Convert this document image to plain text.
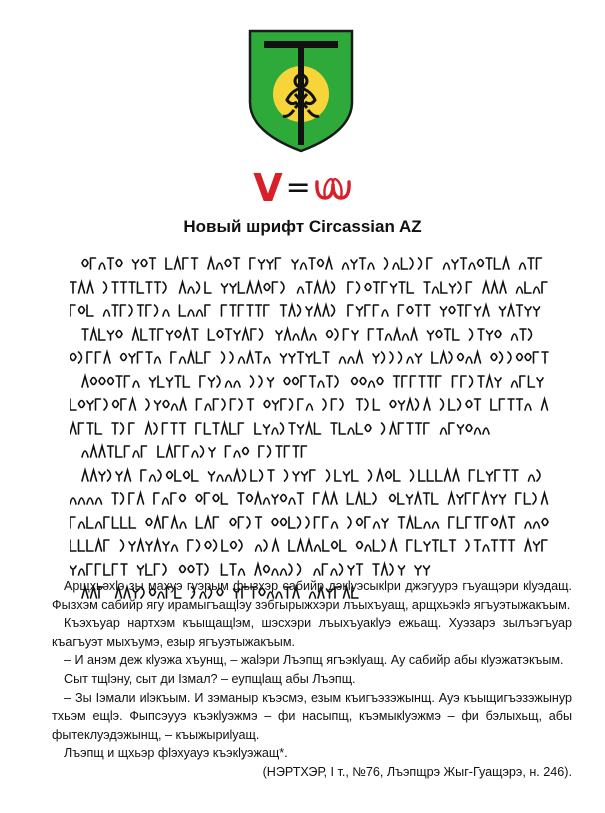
V =
Новый шрифт Circassian AZ

Арщхьэхlэ зы махуэ гуэрым фызхэр сабийр дэкlуэсыкlри джэгуурэ гъуащэри кlуэдащ. Фызхэм сабийр ягу ирамыгъащlэу зэбгырыжхэри лъыхъуащ, арщхьэкlэ ягъуэтыжакъым.

Къэхъуар нартхэм къыщащlэм, шэсхэри лъыхъуакlуэ ежьащ. Хуэзарэ зылъэгъуар къагъуэт мыхъумэ, езыр ягъуэтыжакъым.

– И анэм деж кlуэжа хъунщ, – жаlэри Лъэпщ ягъэкlуащ. Ау сабийр абы кlуэжатэкъым.

Сыт тщlэну, сыт ди Ізмал? – еупщlащ абы Лъэпщ.

– Зы Іэмали иlэкъым. И зэманыр къэсмэ, езым къигъэзэжынщ. Ауэ къыщигъэзэжынур тхьэм ещlэ. Фыпсэууэ къэкlуэжмэ – фи насыпщ, къэмыкlуэжмэ – фи бэлыхьщ, абы фытеклуэдэжынщ, – къыжыриlуащ.

Лъэпщ и щхьэр фlэхуауэ къэкlуэжащ*.

(НЭРТХЭР, I т., №76, Лъэпщрэ Жыг-Гуащэрэ, н. 246).
